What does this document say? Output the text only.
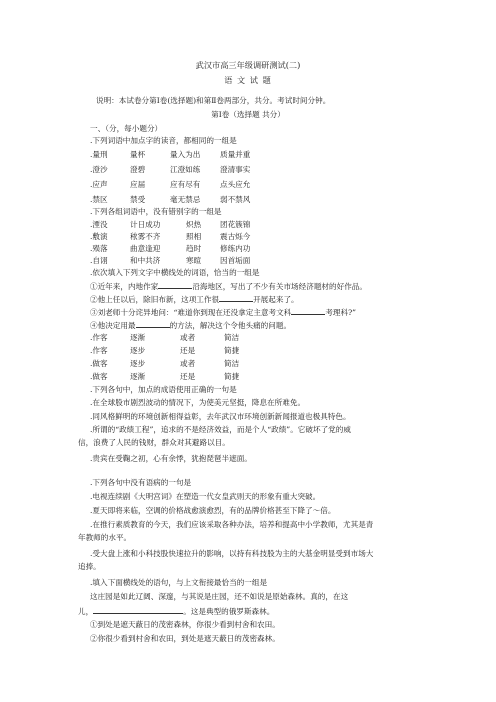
武汉市高三年级调研测试(二)
语 文 试 题
说明：本试卷分第Ⅰ卷(选择题)和第Ⅱ卷两部分，共分。考试时间分钟。
第Ⅰ卷（选择题 共分）
一、（分，每小题分）
.下列词语中加点字的读音，都相同的一组是
.量刑	量杯	量入为出	质量并重
.澄沙	澄碧	江澄如练	澄清事实
.应声	应届	应有尽有	点头应允
.禁区	禁受	毫无禁忌	弱不禁风
.下列各组词语中，没有错别字的一组是
.湮没	计日成功	炽热 团花簇锦
.敷演	秾雾不齐	照相 震古烁今
.殒落	曲意逢迎	趋时 修练内功
.自诩	和中共济	寒暄 因首垢面
.依次填入下列文字中横线处的词语，恰当的一组是
①近年来，内地作家	沿海地区，写出了不少有关市场经济题材的好作品。
②他上任以后，除旧布新，这项工作很	开展起来了。
③刘老师十分诧异地问：“难道你到现在还没拿定主意考文科	考理科?”
④他决定用最	的方法，解决这个令他头痛的问题。
.作客	逐渐	或者	简洁
.作客	逐步	还是	简捷
.做客	逐步	或者	简洁
.做客	逐渐	还是	简捷
.下列各句中，加点的成语使用正确的一句是
.在全球股市剧烈波动的情况下，为使美元坚挺，降息在所难免。
.同风格鲜明的环境创新相得益彰，去年武汉市环境创新新闻报道也极具特色。
.所谓的“政绩工程”，追求的不是经济效益，而是个人“政绩”。它破坏了党的威
信，浪费了人民的钱财，群众对其避路以目。
.贵宾在受鞠之初，心有余悸，犹抱琵琶半遮面。
.下列各句中没有语病的一句是
.电视连续剧《大明宫词》在塑造一代女皇武则天的形象有重大突破。
.夏天即将来临，空调的价格战愈演愈烈，有的品牌价格甚至下降了～倍。
.在推行素质教育的今天，我们应该采取各种办法，培养和提高中小学教师，尤其是青
年教师的水平。
.受大盘上涨和小科技股快速拉升的影响，以持有科技股为主的大基金明显受到市场大
追捧。
.填入下面横线处的语句，与上文衔接最恰当的一组是
这庄园是如此辽阔、深邃，与其说是庄园，还不如说是原始森林。真的，在这
儿，	。这是典型的俄罗斯森林。
①到处是遮天蔽日的茂密森林，你很少看到村舍和农田。
②你很少看到村舍和农田，到处是遮天蔽日的茂密森林。
